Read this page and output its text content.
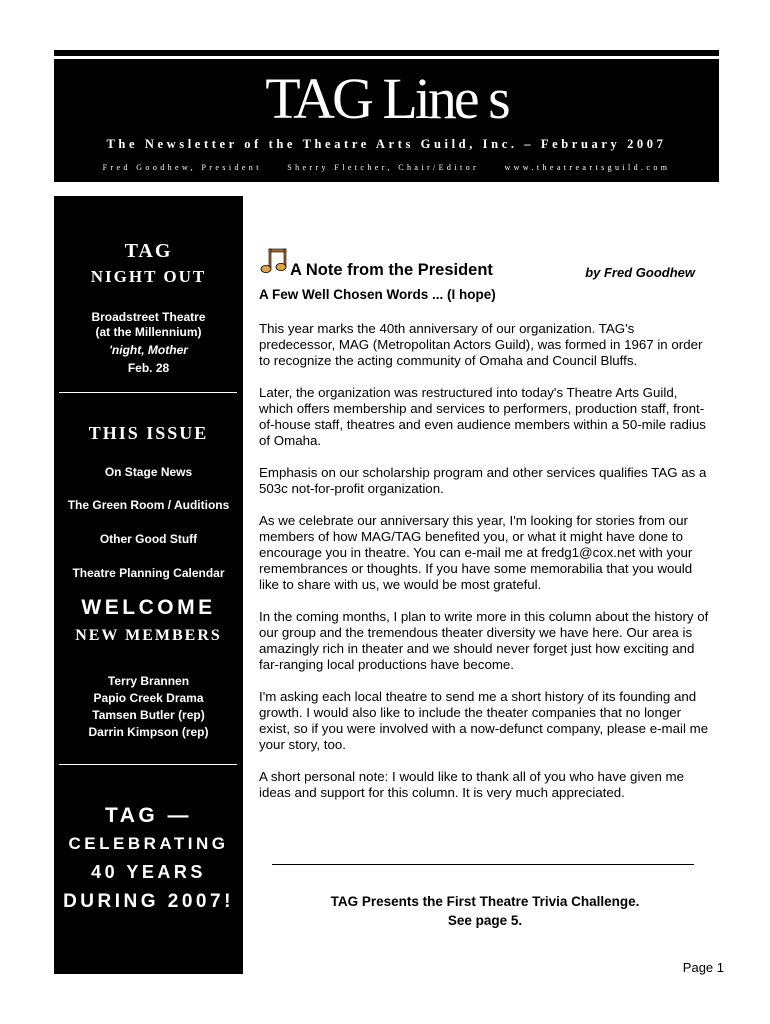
TAG Line s
The Newsletter of the Theatre Arts Guild, Inc. – February 2007
Fred Goodhew, President	Sherry Fletcher, Chair/Editor	www.theatreartsguild.com
TAG
NIGHT OUT
Broadstreet Theatre
(at the Millennium)
'night, Mother
Feb. 28
THIS ISSUE
On Stage News
The Green Room / Auditions
Other Good Stuff
Theatre Planning Calendar
WELCOME
NEW MEMBERS
Terry Brannen
Papio Creek Drama
Tamsen Butler (rep)
Darrin Kimpson (rep)
TAG —
CELEBRATING
40 YEARS
DURING 2007!
A Note from the President	by Fred Goodhew
A Few Well Chosen Words ... (I hope)

This year marks the 40th anniversary of our organization. TAG's predecessor, MAG (Metropolitan Actors Guild), was formed in 1967 in order to recognize the acting community of Omaha and Council Bluffs.

Later, the organization was restructured into today's Theatre Arts Guild, which offers membership and services to performers, production staff, front-of-house staff, theatres and even audience members within a 50-mile radius of Omaha.

Emphasis on our scholarship program and other services qualifies TAG as a 503c not-for-profit organization.

As we celebrate our anniversary this year, I'm looking for stories from our members of how MAG/TAG benefited you, or what it might have done to encourage you in theatre. You can e-mail me at fredg1@cox.net with your remembrances or thoughts. If you have some memorabilia that you would like to share with us, we would be most grateful.

In the coming months, I plan to write more in this column about the history of our group and the tremendous theater diversity we have here. Our area is amazingly rich in theater and we should never forget just how exciting and far-ranging local productions have become.

I'm asking each local theatre to send me a short history of its founding and growth. I would also like to include the theater companies that no longer exist, so if you were involved with a now-defunct company, please e-mail me your story, too.

A short personal note: I would like to thank all of you who have given me ideas and support for this column. It is very much appreciated.

TAG Presents the First Theatre Trivia Challenge.
See page 5.
Page 1
